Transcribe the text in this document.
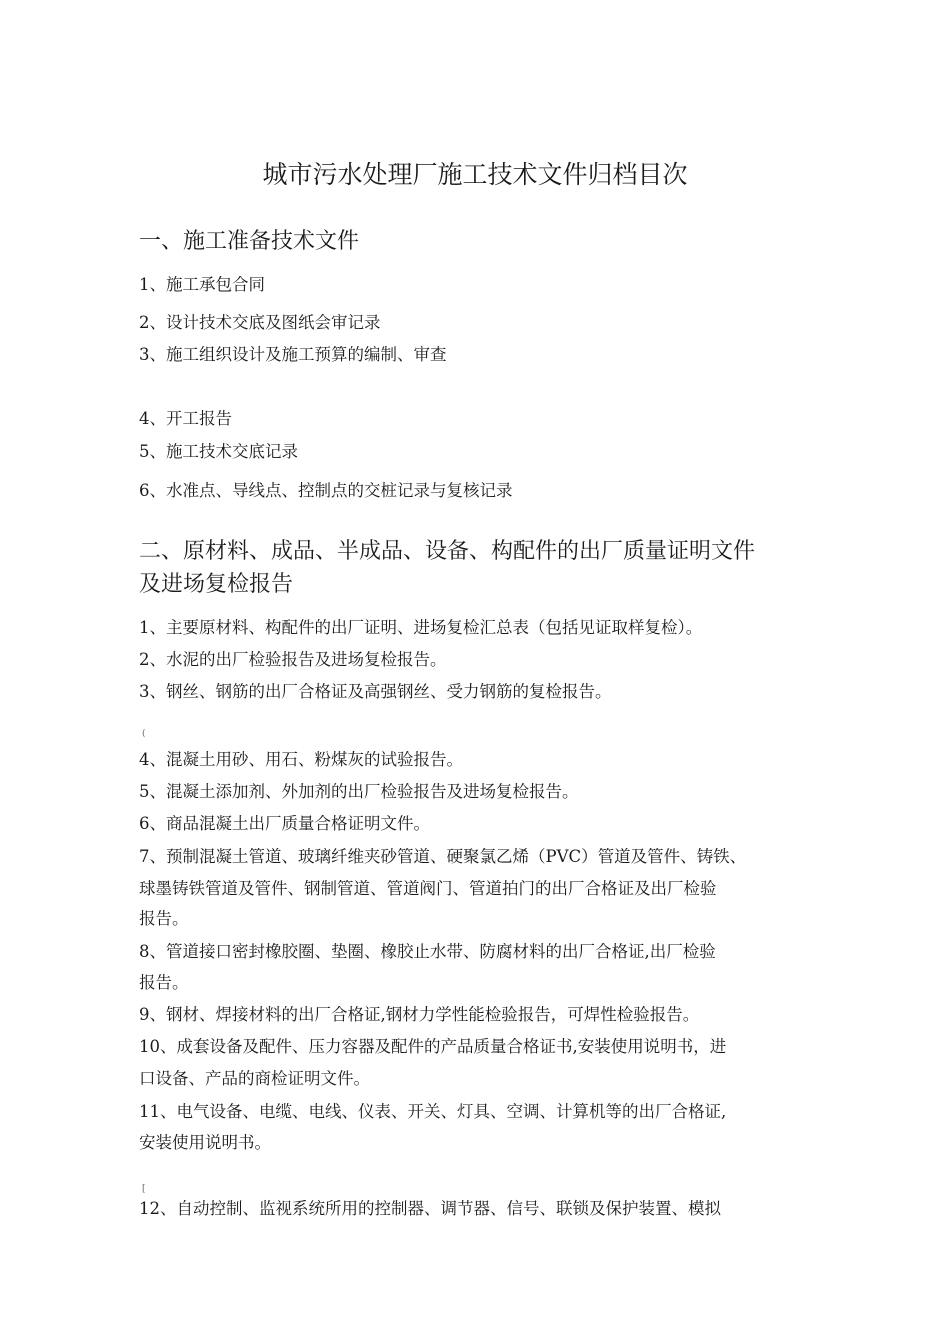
城市污水处理厂施工技术文件归档目次
一、施工准备技术文件
1、施工承包合同
2、设计技术交底及图纸会审记录
3、施工组织设计及施工预算的编制、审查
4、开工报告
5、施工技术交底记录
6、水准点、导线点、控制点的交桩记录与复核记录
二、原材料、成品、半成品、设备、构配件的出厂质量证明文件
及进场复检报告
1、主要原材料、构配件的出厂证明、进场复检汇总表（包括见证取样复检）。
2、水泥的出厂检验报告及进场复检报告。
3、钢丝、钢筋的出厂合格证及高强钢丝、受力钢筋的复检报告。
(
4、混凝土用砂、用石、粉煤灰的试验报告。
5、混凝土添加剂、外加剂的出厂检验报告及进场复检报告。
6、商品混凝土出厂质量合格证明文件。
7、预制混凝土管道、玻璃纤维夹砂管道、硬聚氯乙烯（PVC）管道及管件、铸铁、
球墨铸铁管道及管件、钢制管道、管道阀门、管道拍门的出厂合格证及出厂检验
报告。
8、管道接口密封橡胶圈、垫圈、橡胶止水带、防腐材料的出厂合格证,出厂检验
报告。
9、钢材、焊接材料的出厂合格证,钢材力学性能检验报告，可焊性检验报告。
10、成套设备及配件、压力容器及配件的产品质量合格证书,安装使用说明书，进
口设备、产品的商检证明文件。
11、电气设备、电缆、电线、仪表、开关、灯具、空调、计算机等的出厂合格证,
安装使用说明书。
[
12、自动控制、监视系统所用的控制器、调节器、信号、联锁及保护装置、模拟
